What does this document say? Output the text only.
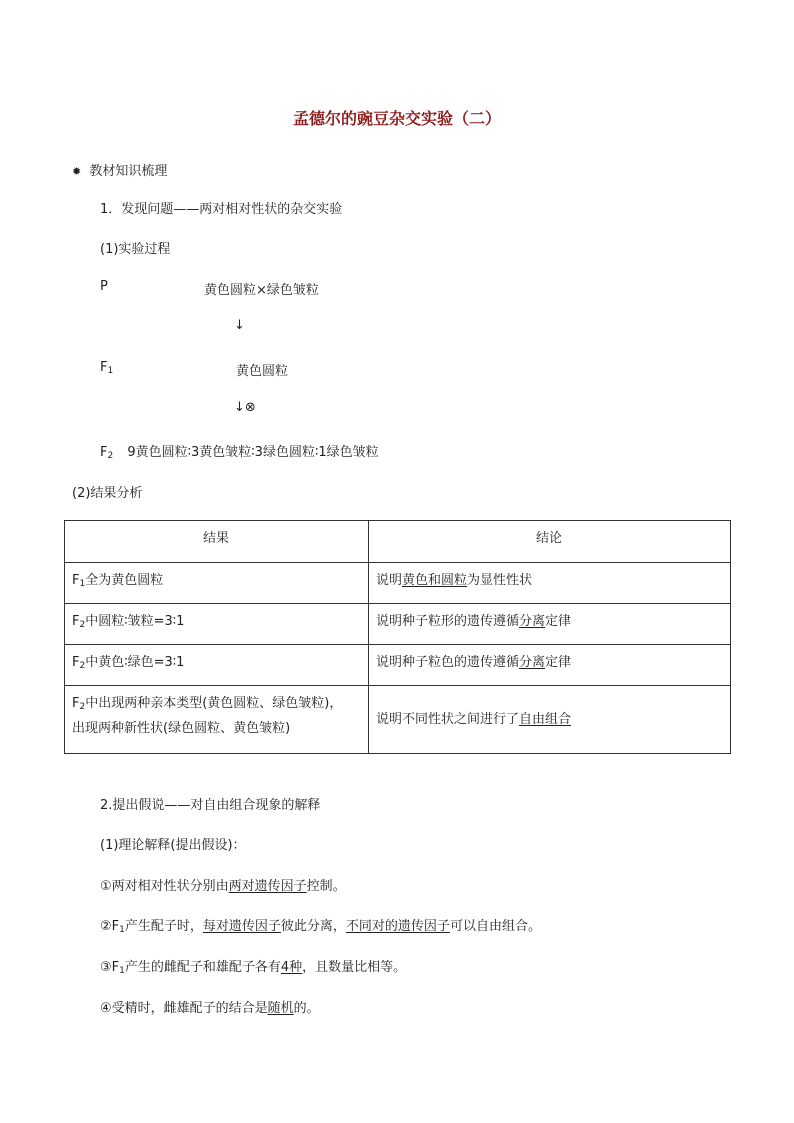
孟德尔的豌豆杂交实验（二）
✹ 教材知识梳理
1．发现问题——两对相对性状的杂交实验
(1)实验过程
P	黄色圆粒×绿色皱粒
↓
$F_1$	黄色圆粒
↓⊗
$F_2$ 9黄色圆粒∶3黄色皱粒∶3绿色圆粒∶1绿色皱粒
(2)结果分析
结果	结论
$F_1$全为黄色圆粒	说明黄色和圆粒为显性性状
$F_2$中圆粒∶皱粒=3∶1	说明种子粒形的遗传遵循分离定律
$F_2$中黄色∶绿色=3∶1	说明种子粒色的遗传遵循分离定律
$F_2$中出现两种亲本类型(黄色圆粒、绿色皱粒)，
出现两种新性状(绿色圆粒、黄色皱粒)	说明不同性状之间进行了自由组合
2.提出假说——对自由组合现象的解释
(1)理论解释(提出假设)：
①两对相对性状分别由两对遗传因子控制。
$②F_1$产生配子时，每对遗传因子彼此分离，不同对的遗传因子可以自由组合。
$③F_1$产生的雌配子和雄配子各有4种，且数量比相等。
④受精时，雌雄配子的结合是随机的。
